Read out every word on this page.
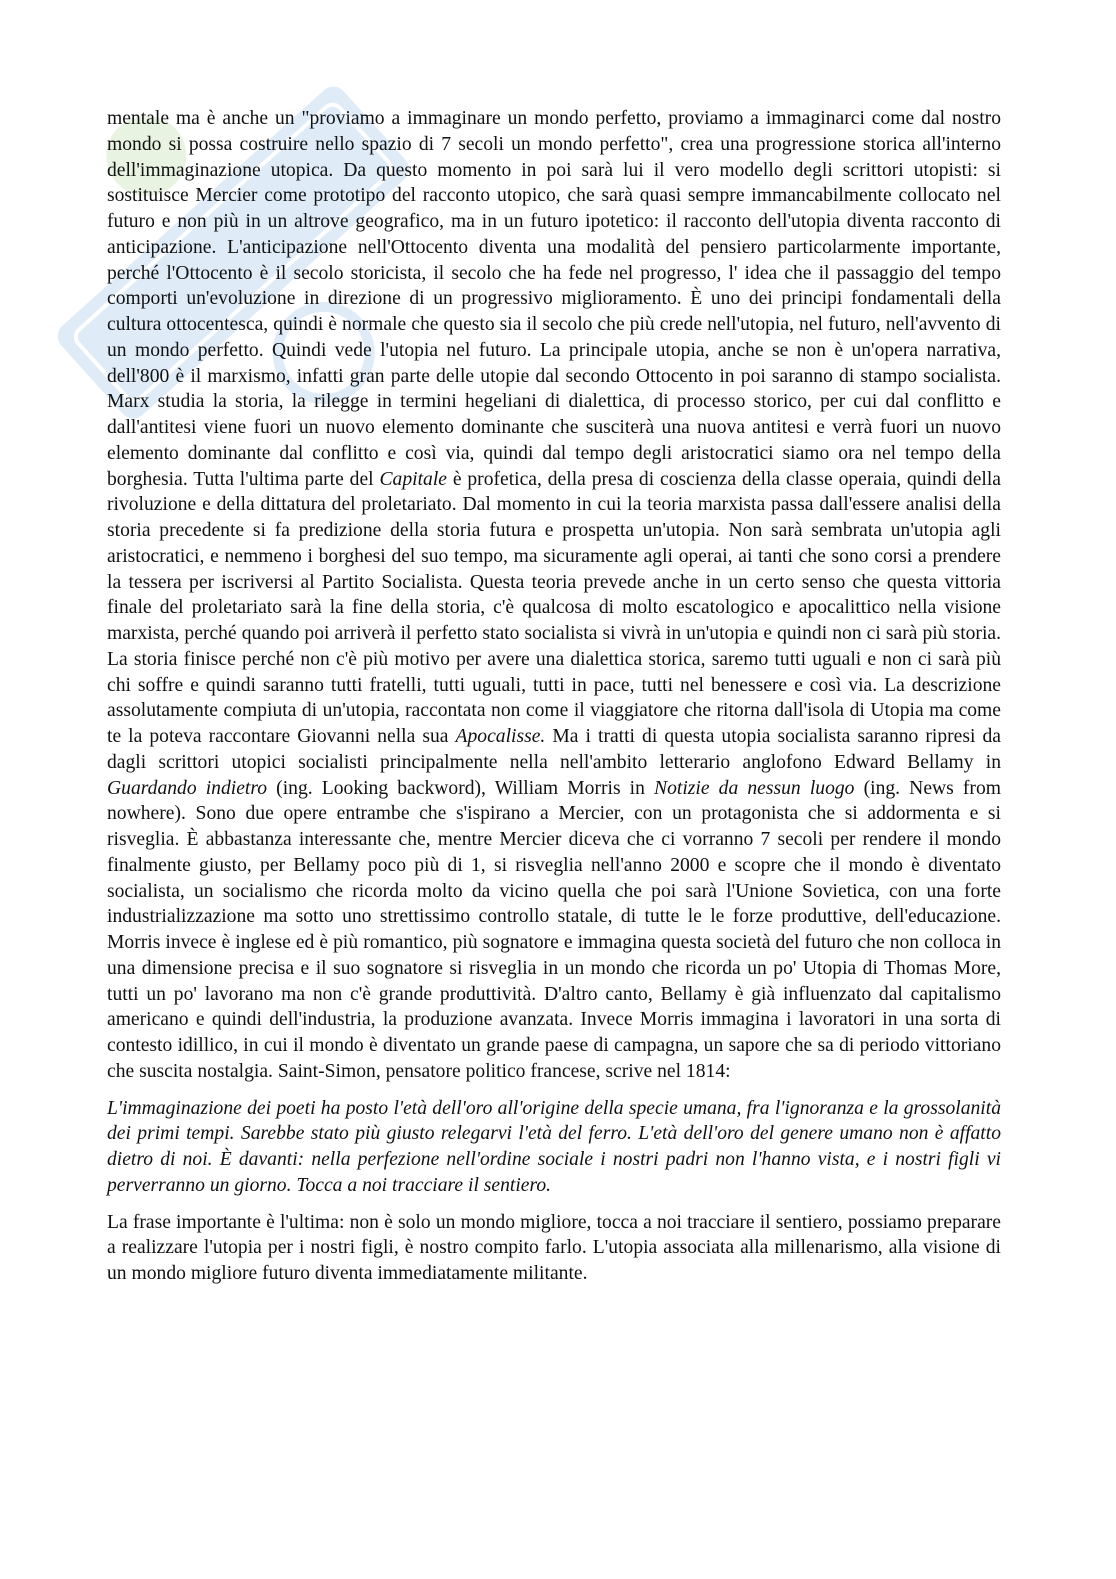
mentale ma è anche un "proviamo a immaginare un mondo perfetto, proviamo a immaginarci come dal nostro mondo si possa costruire nello spazio di 7 secoli un mondo perfetto", crea una progressione storica all'interno dell'immaginazione utopica. Da questo momento in poi sarà lui il vero modello degli scrittori utopisti: si sostituisce Mercier come prototipo del racconto utopico, che sarà quasi sempre immancabilmente collocato nel futuro e non più in un altrove geografico, ma in un futuro ipotetico: il racconto dell'utopia diventa racconto di anticipazione. L'anticipazione nell'Ottocento diventa una modalità del pensiero particolarmente importante, perché l'Ottocento è il secolo storicista, il secolo che ha fede nel progresso, l' idea che il passaggio del tempo comporti un'evoluzione in direzione di un progressivo miglioramento. È uno dei principi fondamentali della cultura ottocentesca, quindi è normale che questo sia il secolo che più crede nell'utopia, nel futuro, nell'avvento di un mondo perfetto. Quindi vede l'utopia nel futuro. La principale utopia, anche se non è un'opera narrativa, dell'800 è il marxismo, infatti gran parte delle utopie dal secondo Ottocento in poi saranno di stampo socialista. Marx studia la storia, la rilegge in termini hegeliani di dialettica, di processo storico, per cui dal conflitto e dall'antitesi viene fuori un nuovo elemento dominante che susciterà una nuova antitesi e verrà fuori un nuovo elemento dominante dal conflitto e così via, quindi dal tempo degli aristocratici siamo ora nel tempo della borghesia. Tutta l'ultima parte del Capitale è profetica, della presa di coscienza della classe operaia, quindi della rivoluzione e della dittatura del proletariato. Dal momento in cui la teoria marxista passa dall'essere analisi della storia precedente si fa predizione della storia futura e prospetta un'utopia. Non sarà sembrata un'utopia agli aristocratici, e nemmeno i borghesi del suo tempo, ma sicuramente agli operai, ai tanti che sono corsi a prendere la tessera per iscriversi al Partito Socialista. Questa teoria prevede anche in un certo senso che questa vittoria finale del proletariato sarà la fine della storia, c'è qualcosa di molto escatologico e apocalittico nella visione marxista, perché quando poi arriverà il perfetto stato socialista si vivrà in un'utopia e quindi non ci sarà più storia. La storia finisce perché non c'è più motivo per avere una dialettica storica, saremo tutti uguali e non ci sarà più chi soffre e quindi saranno tutti fratelli, tutti uguali, tutti in pace, tutti nel benessere e così via. La descrizione assolutamente compiuta di un'utopia, raccontata non come il viaggiatore che ritorna dall'isola di Utopia ma come te la poteva raccontare Giovanni nella sua Apocalisse. Ma i tratti di questa utopia socialista saranno ripresi da dagli scrittori utopici socialisti principalmente nella nell'ambito letterario anglofono Edward Bellamy in Guardando indietro (ing. Looking backword), William Morris in Notizie da nessun luogo (ing. News from nowhere). Sono due opere entrambe che s'ispirano a Mercier, con un protagonista che si addormenta e si risveglia. È abbastanza interessante che, mentre Mercier diceva che ci vorranno 7 secoli per rendere il mondo finalmente giusto, per Bellamy poco più di 1, si risveglia nell'anno 2000 e scopre che il mondo è diventato socialista, un socialismo che ricorda molto da vicino quella che poi sarà l'Unione Sovietica, con una forte industrializzazione ma sotto uno strettissimo controllo statale, di tutte le le forze produttive, dell'educazione. Morris invece è inglese ed è più romantico, più sognatore e immagina questa società del futuro che non colloca in una dimensione precisa e il suo sognatore si risveglia in un mondo che ricorda un po' Utopia di Thomas More, tutti un po' lavorano ma non c'è grande produttività. D'altro canto, Bellamy è già influenzato dal capitalismo americano e quindi dell'industria, la produzione avanzata. Invece Morris immagina i lavoratori in una sorta di contesto idillico, in cui il mondo è diventato un grande paese di campagna, un sapore che sa di periodo vittoriano che suscita nostalgia. Saint-Simon, pensatore politico francese, scrive nel 1814:

L'immaginazione dei poeti ha posto l'età dell'oro all'origine della specie umana, fra l'ignoranza e la grossolanità dei primi tempi. Sarebbe stato più giusto relegarvi l'età del ferro. L'età dell'oro del genere umano non è affatto dietro di noi. È davanti: nella perfezione nell'ordine sociale i nostri padri non l'hanno vista, e i nostri figli vi perverranno un giorno. Tocca a noi tracciare il sentiero.

La frase importante è l'ultima: non è solo un mondo migliore, tocca a noi tracciare il sentiero, possiamo preparare a realizzare l'utopia per i nostri figli, è nostro compito farlo. L'utopia associata alla millenarismo, alla visione di un mondo migliore futuro diventa immediatamente militante.
